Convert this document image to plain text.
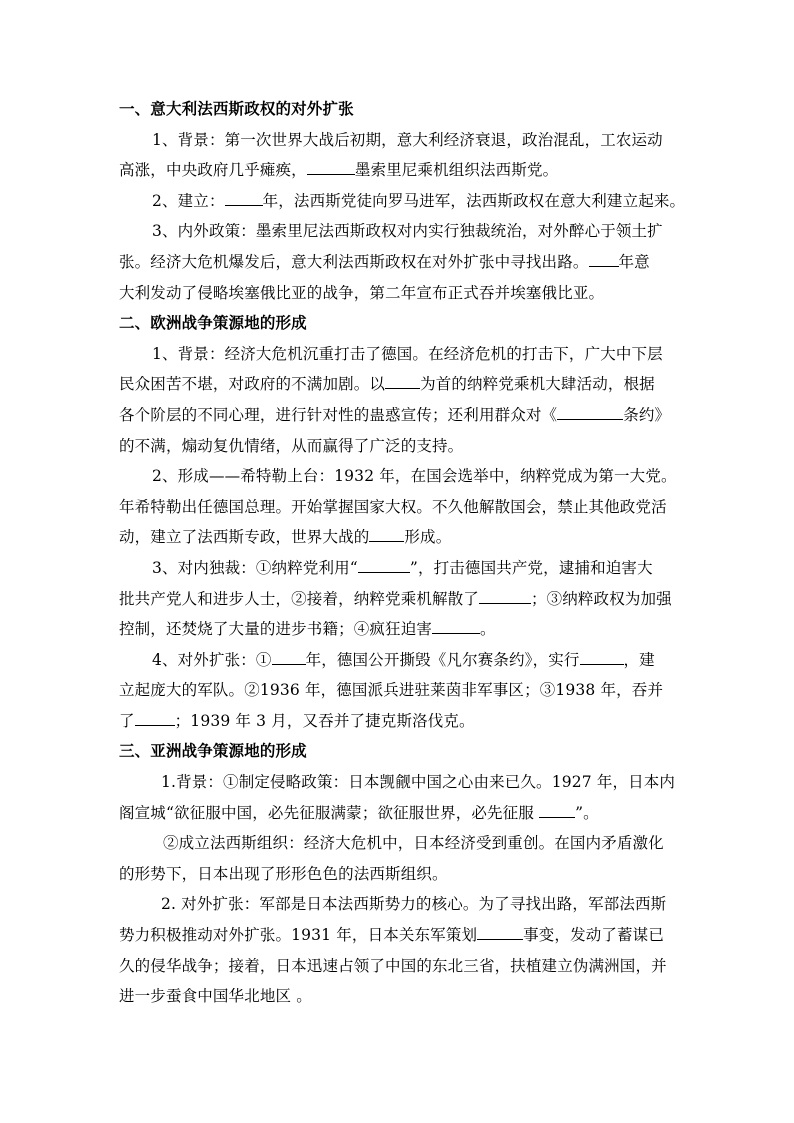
一、意大利法西斯政权的对外扩张
1、背景：第一次世界大战后初期，意大利经济衰退，政治混乱，工农运动
高涨，中央政府几乎瘫痪，	墨索里尼乘机组织法西斯党。
2、建立： 年，法西斯党徒向罗马进军，法西斯政权在意大利建立起来。
3、内外政策：墨索里尼法西斯政权对内实行独裁统治，对外醉心于领土扩
张。经济大危机爆发后，意大利法西斯政权在对外扩张中寻找出路。 年意
大利发动了侵略埃塞俄比亚的战争，第二年宣布正式吞并埃塞俄比亚。
二、欧洲战争策源地的形成
1、背景：经济大危机沉重打击了德国。在经济危机的打击下，广大中下层
民众困苦不堪，对政府的不满加剧。以 为首的纳粹党乘机大肆活动，根据
各个阶层的不同心理，进行针对性的蛊惑宣传；还利用群众对《	条约》
的不满，煽动复仇情绪，从而赢得了广泛的支持。
2、形成——希特勒上台：1932 年，在国会选举中，纳粹党成为第一大党。
年希特勒出任德国总理。开始掌握国家大权。不久他解散国会，禁止其他政党活
动，建立了法西斯专政，世界大战的 形成。
3、对内独裁：①纳粹党利用“	”，打击德国共产党，逮捕和迫害大
批共产党人和进步人士，②接着，纳粹党乘机解散了	；③纳粹政权为加强
控制，还焚烧了大量的进步书籍；④疯狂迫害	。
4、对外扩张：① 年，德国公开撕毁《凡尔赛条约》，实行	，建
立起庞大的军队。②1936 年，德国派兵进驻莱茵非军事区；③1938 年，吞并
了	；1939 年 3 月，又吞并了捷克斯洛伐克。
三、亚洲战争策源地的形成
1.背景：①制定侵略政策：日本觊觎中国之心由来已久。1927 年，日本内
阁宣城“欲征服中国，必先征服满蒙；欲征服世界，必先征服 ”。
②成立法西斯组织：经济大危机中，日本经济受到重创。在国内矛盾激化
的形势下，日本出现了形形色色的法西斯组织。
2. 对外扩张：军部是日本法西斯势力的核心。为了寻找出路，军部法西斯
势力积极推动对外扩张。1931 年，日本关东军策划	事变，发动了蓄谋已
久的侵华战争；接着，日本迅速占领了中国的东北三省，扶植建立伪满洲国，并
进一步蚕食中国华北地区 。
